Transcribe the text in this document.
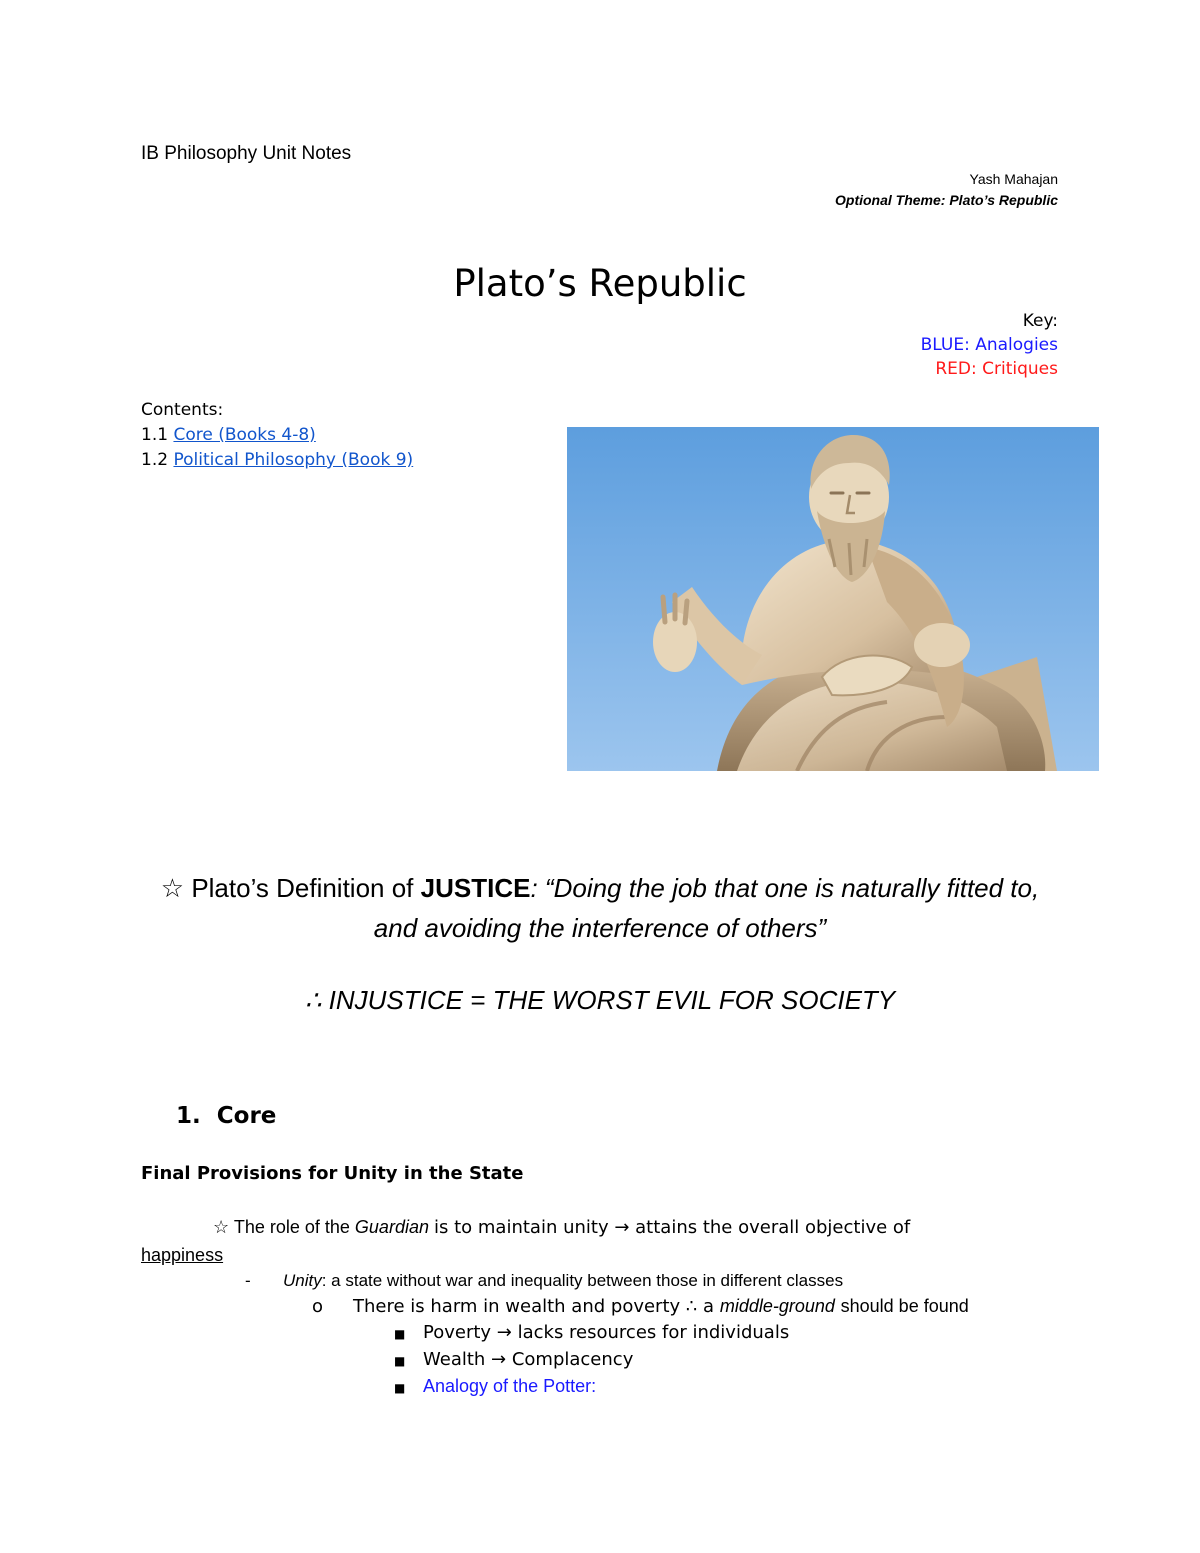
IB Philosophy Unit Notes
Yash Mahajan
Optional Theme: Plato’s Republic
Plato’s Republic
Key:
BLUE: Analogies
RED: Critiques
Contents:
1.1 Core (Books 4-8)
1.2 Political Philosophy (Book 9)
☆ Plato’s Definition of JUSTICE: “Doing the job that one is naturally fitted to, and avoiding the interference of others”
∴ INJUSTICE = THE WORST EVIL FOR SOCIETY
1. Core
Final Provisions for Unity in the State
☆ The role of the Guardian is to maintain unity → attains the overall objective of
happiness
- Unity: a state without war and inequality between those in different classes
o There is harm in wealth and poverty ∴ a middle-ground should be found
■ Poverty → lacks resources for individuals
■ Wealth → Complacency
■ Analogy of the Potter:
